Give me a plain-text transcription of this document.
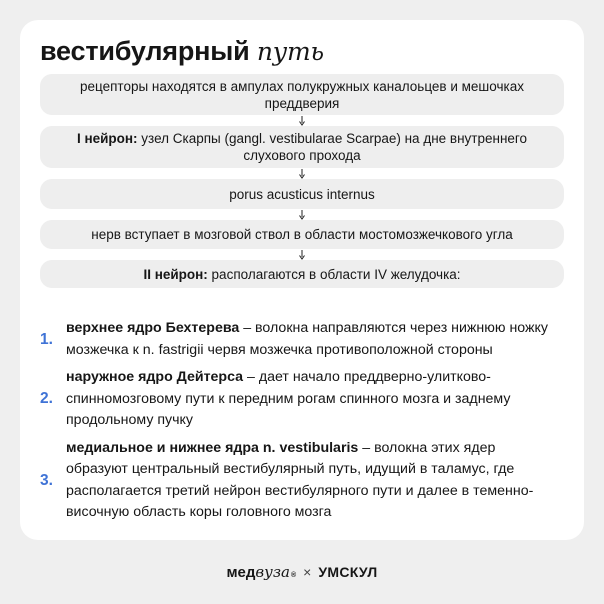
вестибулярный путь
рецепторы находятся в ампулах полукружных каналоьцев и мешочках преддверия
I нейрон: узел Скарпы (gangl. vestibularae Scarpae) на дне внутреннего слухового прохода
porus acusticus internus
нерв вступает в мозговой ствол в области мостомозжечкового угла
II нейрон: располагаются в области IV желудочка:
1.
верхнее ядро Бехтерева – волокна направляются через нижнюю ножку мозжечка к n. fastrigii червя мозжечка противоположной стороны
2.
наружное ядро Дейтерса – дает начало преддверно-улитково-спинномозговому пути к передним рогам спинного мозга и заднему продольному пучку
3.
медиальное и нижнее ядра n. vestibularis – волокна этих ядер образуют центральный вестибулярный путь, идущий в таламус, где располагается третий нейрон вестибулярного пути и далее в теменно-височную область коры головного мозга
мед вуза ® × УМСКУЛ
